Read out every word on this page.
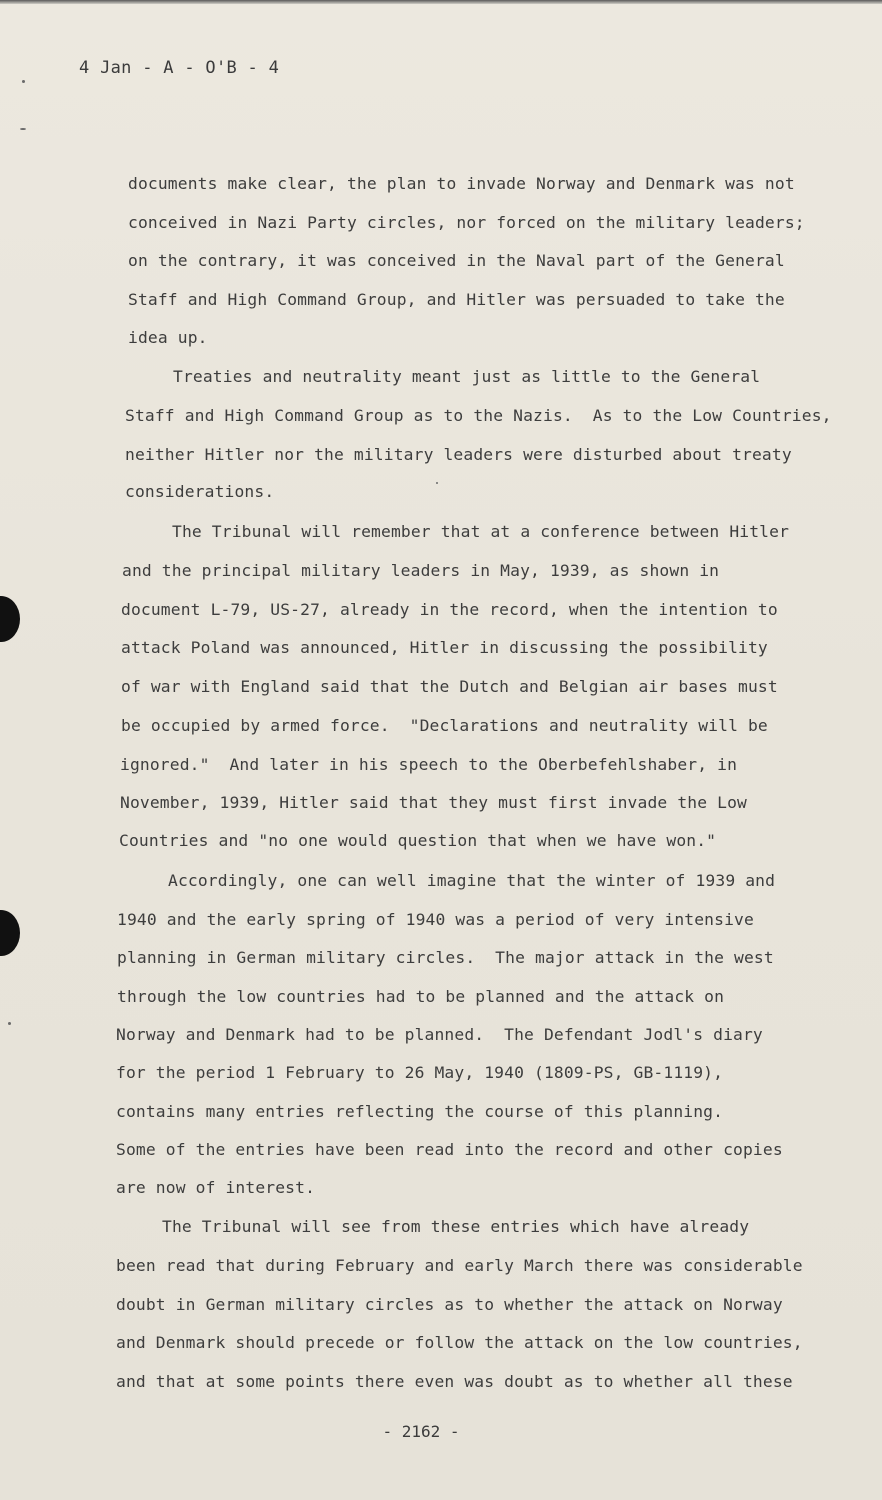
4 Jan - A - O'B - 4
documents make clear, the plan to invade Norway and Denmark was not
conceived in Nazi Party circles, nor forced on the military leaders;
on the contrary, it was conceived in the Naval part of the General
Staff and High Command Group, and Hitler was persuaded to take the
idea up.
Treaties and neutrality meant just as little to the General
Staff and High Command Group as to the Nazis.  As to the Low Countries,
neither Hitler nor the military leaders were disturbed about treaty
considerations.
The Tribunal will remember that at a conference between Hitler
and the principal military leaders in May, 1939, as shown in
document L-79, US-27, already in the record, when the intention to
attack Poland was announced, Hitler in discussing the possibility
of war with England said that the Dutch and Belgian air bases must
be occupied by armed force.  "Declarations and neutrality will be
ignored."  And later in his speech to the Oberbefehlshaber, in
November, 1939, Hitler said that they must first invade the Low
Countries and "no one would question that when we have won."
Accordingly, one can well imagine that the winter of 1939 and
1940 and the early spring of 1940 was a period of very intensive
planning in German military circles.  The major attack in the west
through the low countries had to be planned and the attack on
Norway and Denmark had to be planned.  The Defendant Jodl's diary
for the period 1 February to 26 May, 1940 (1809-PS, GB-1119),
contains many entries reflecting the course of this planning.
Some of the entries have been read into the record and other copies
are now of interest.
The Tribunal will see from these entries which have already
been read that during February and early March there was considerable
doubt in German military circles as to whether the attack on Norway
and Denmark should precede or follow the attack on the low countries,
and that at some points there even was doubt as to whether all these
- 2162 -
